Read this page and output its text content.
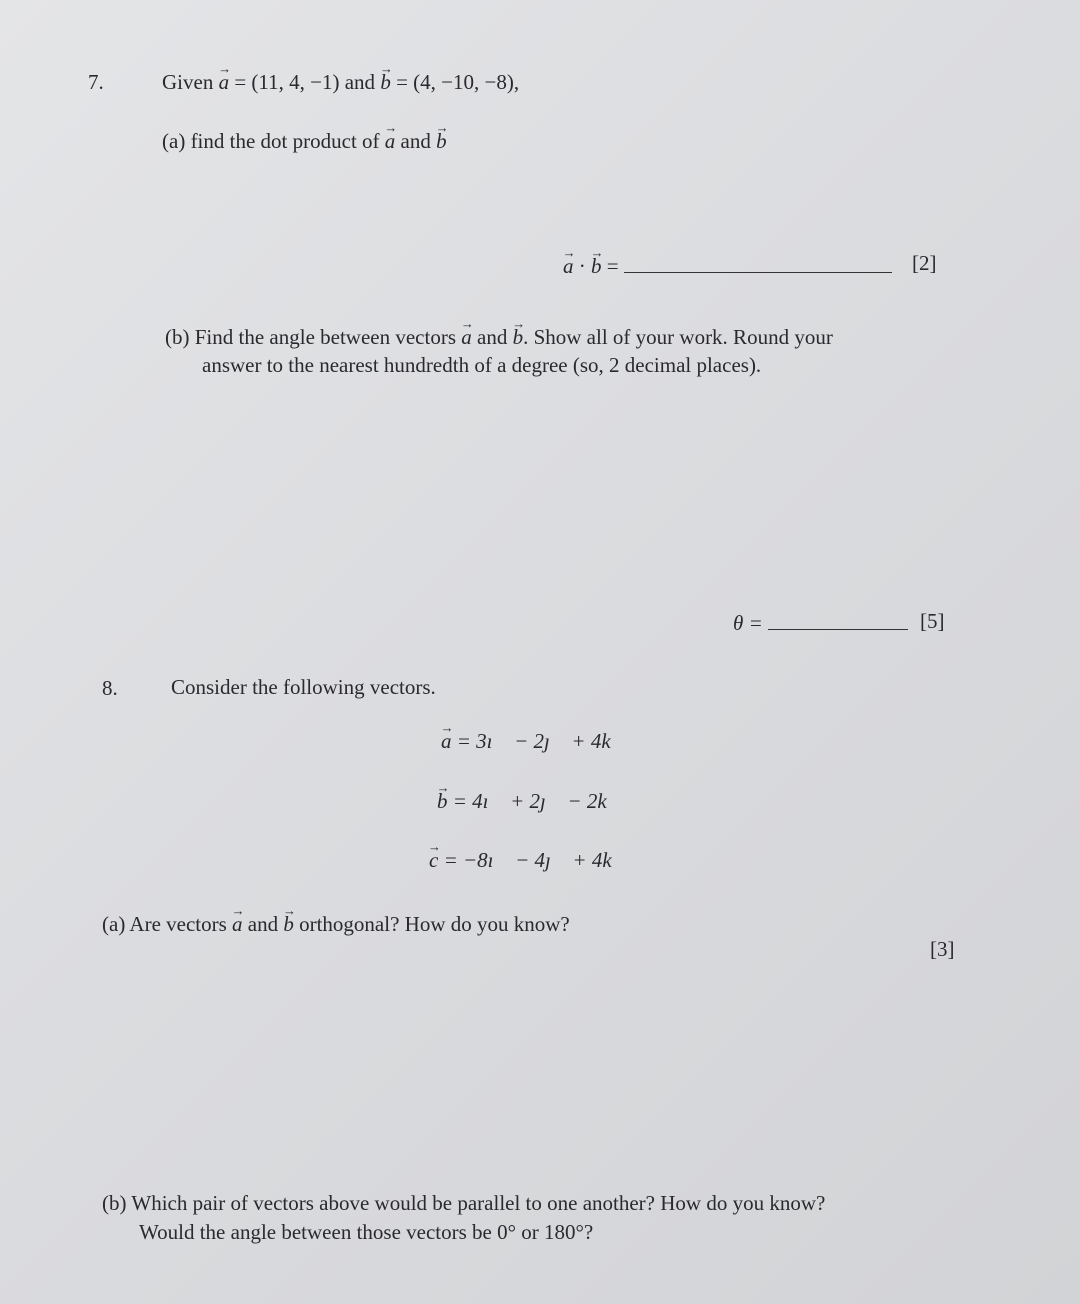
7.	Given a → = (11, 4, −1) and b → = (4, −10, −8),
(a) find the dot product of a → and b →
a → · b → =	[2]
(b) Find the angle between vectors a → and b →. Show all of your work. Round your
answer to the nearest hundredth of a degree (so, 2 decimal places).
θ =	[5]
8.	Consider the following vectors.
a → = 3ı⃗ − 2ȷ⃗ + 4k⃗
b → = 4ı⃗ + 2ȷ⃗ − 2k⃗
c → = −8ı⃗ − 4ȷ⃗ + 4k⃗
(a) Are vectors a → and b → orthogonal? How do you know?
[3]
(b) Which pair of vectors above would be parallel to one another? How do you know?
Would the angle between those vectors be 0° or 180°?
